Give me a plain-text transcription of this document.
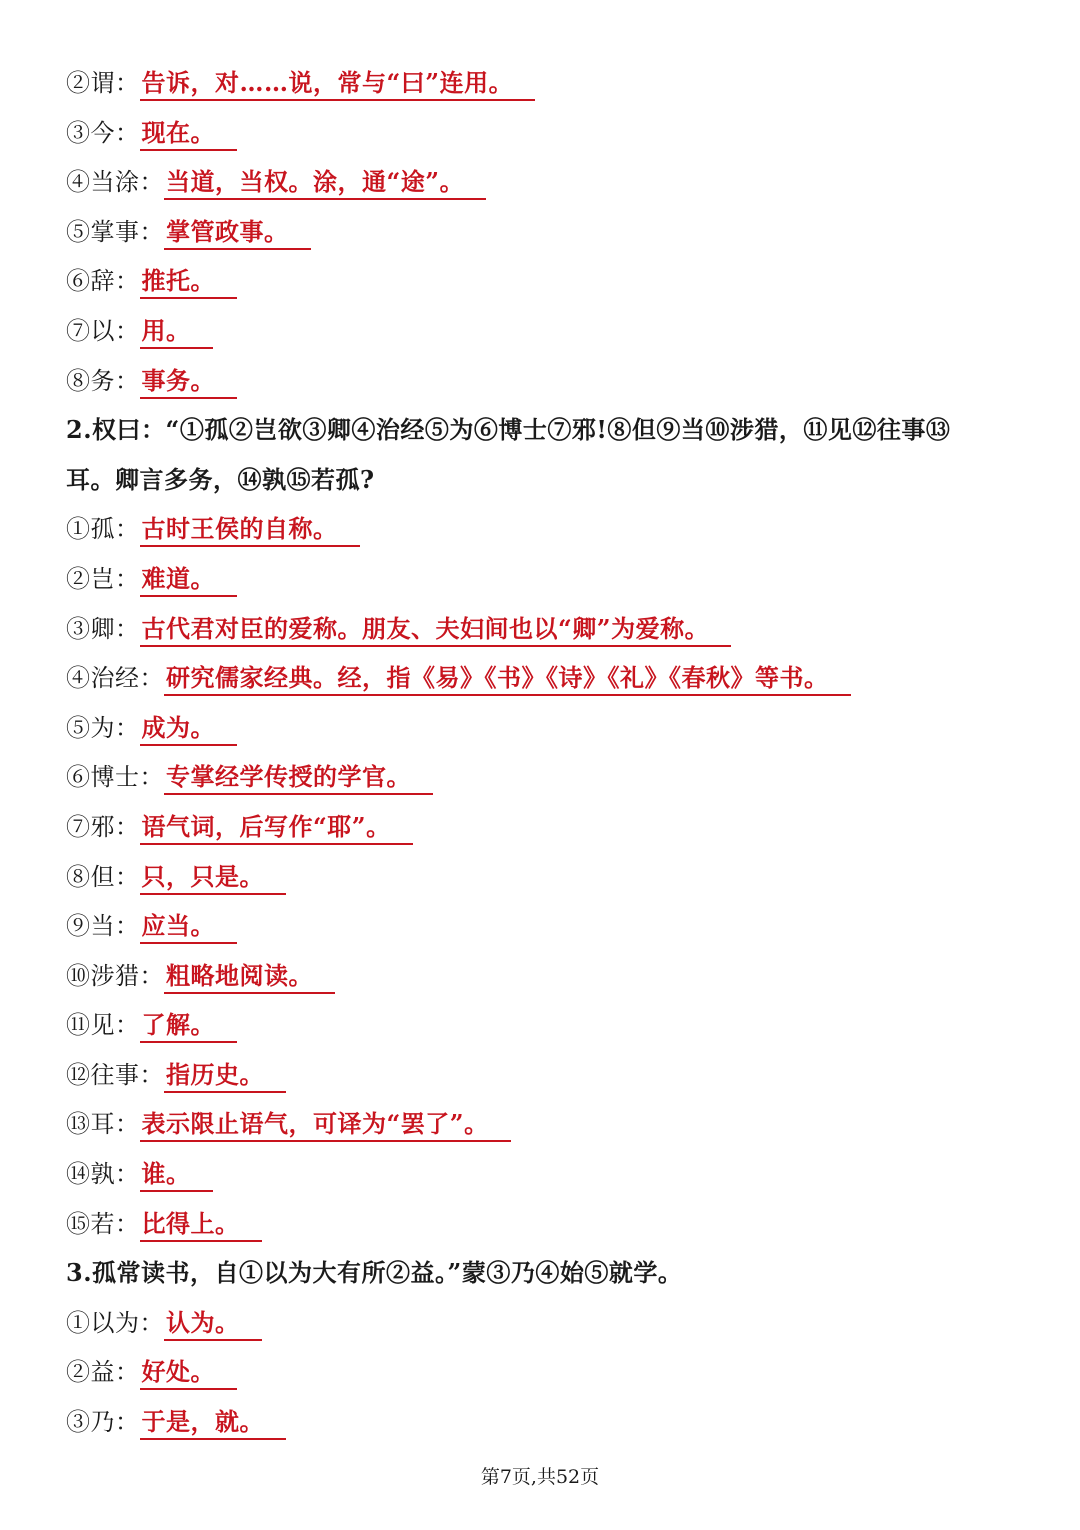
②谓：告诉，对……说，常与“曰”连用。
③今：现在。
④当涂：当道，当权。涂，通“途”。
⑤掌事：掌管政事。
⑥辞：推托。
⑦以：用。
⑧务：事务。
2.权曰：“①孤②岂欲③卿④治经⑤为⑥博士⑦邪!⑧但⑨当⑩涉猎，⑪见⑫往事⑬
耳。卿言多务，⑭孰⑮若孤?
①孤：古时王侯的自称。
②岂：难道。
③卿：古代君对臣的爱称。朋友、夫妇间也以“卿”为爱称。
④治经：研究儒家经典。经，指《易》《书》《诗》《礼》《春秋》等书。
⑤为：成为。
⑥博士：专掌经学传授的学官。
⑦邪：语气词，后写作“耶”。
⑧但：只，只是。
⑨当：应当。
⑩涉猎：粗略地阅读。
⑪见：了解。
⑫往事：指历史。
⑬耳：表示限止语气，可译为“罢了”。
⑭孰：谁。
⑮若：比得上。
3.孤常读书，自①以为大有所②益。”蒙③乃④始⑤就学。
①以为：认为。
②益：好处。
③乃：于是，就。
第7页,共52页
